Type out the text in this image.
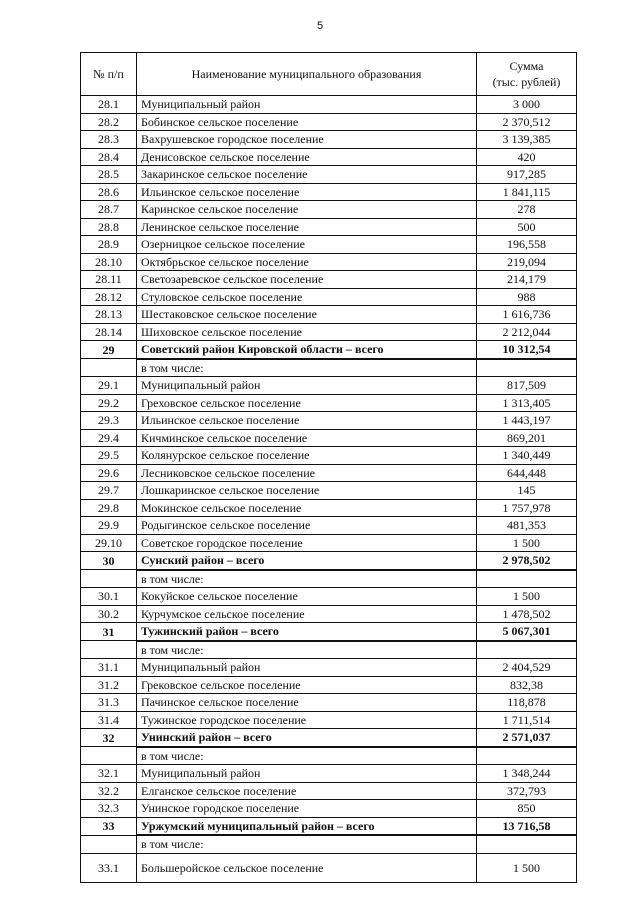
5
№ п/п	Наименование муниципального образования	Сумма
(тыс. рублей)
28.1	Муниципальный район	3 000
28.2	Бобинское сельское поселение	2 370,512
28.3	Вахрушевское городское поселение	3 139,385
28.4	Денисовское сельское поселение	420
28.5	Закаринское сельское поселение	917,285
28.6	Ильинское сельское поселение	1 841,115
28.7	Каринское сельское поселение	278
28.8	Ленинское сельское поселение	500
28.9	Озерницкое сельское поселение	196,558
28.10	Октябрьское сельское поселение	219,094
28.11	Светозаревское сельское поселение	214,179
28.12	Стуловское сельское поселение	988
28.13	Шестаковское сельское поселение	1 616,736
28.14	Шиховское сельское поселение	2 212,044
29	Советский район Кировской области – всего	10 312,54
	в том числе:	
29.1	Муниципальный район	817,509
29.2	Греховское сельское поселение	1 313,405
29.3	Ильинское сельское поселение	1 443,197
29.4	Кичминское сельское поселение	869,201
29.5	Колянурское сельское поселение	1 340,449
29.6	Лесниковское сельское поселение	644,448
29.7	Лошкаринское сельское поселение	145
29.8	Мокинское сельское поселение	1 757,978
29.9	Родыгинское сельское поселение	481,353
29.10	Советское городское поселение	1 500
30	Сунский район – всего	2 978,502
	в том числе:	
30.1	Кокуйское сельское поселение	1 500
30.2	Курчумское сельское поселение	1 478,502
31	Тужинский район – всего	5 067,301
	в том числе:	
31.1	Муниципальный район	2 404,529
31.2	Грековское сельское поселение	832,38
31.3	Пачинское сельское поселение	118,878
31.4	Тужинское городское поселение	1 711,514
32	Унинский район – всего	2 571,037
	в том числе:	
32.1	Муниципальный район	1 348,244
32.2	Елганское сельское поселение	372,793
32.3	Унинское городское поселение	850
33	Уржумский муниципальный район – всего	13 716,58
	в том числе:	
33.1	Большеройское сельское поселение	1 500
